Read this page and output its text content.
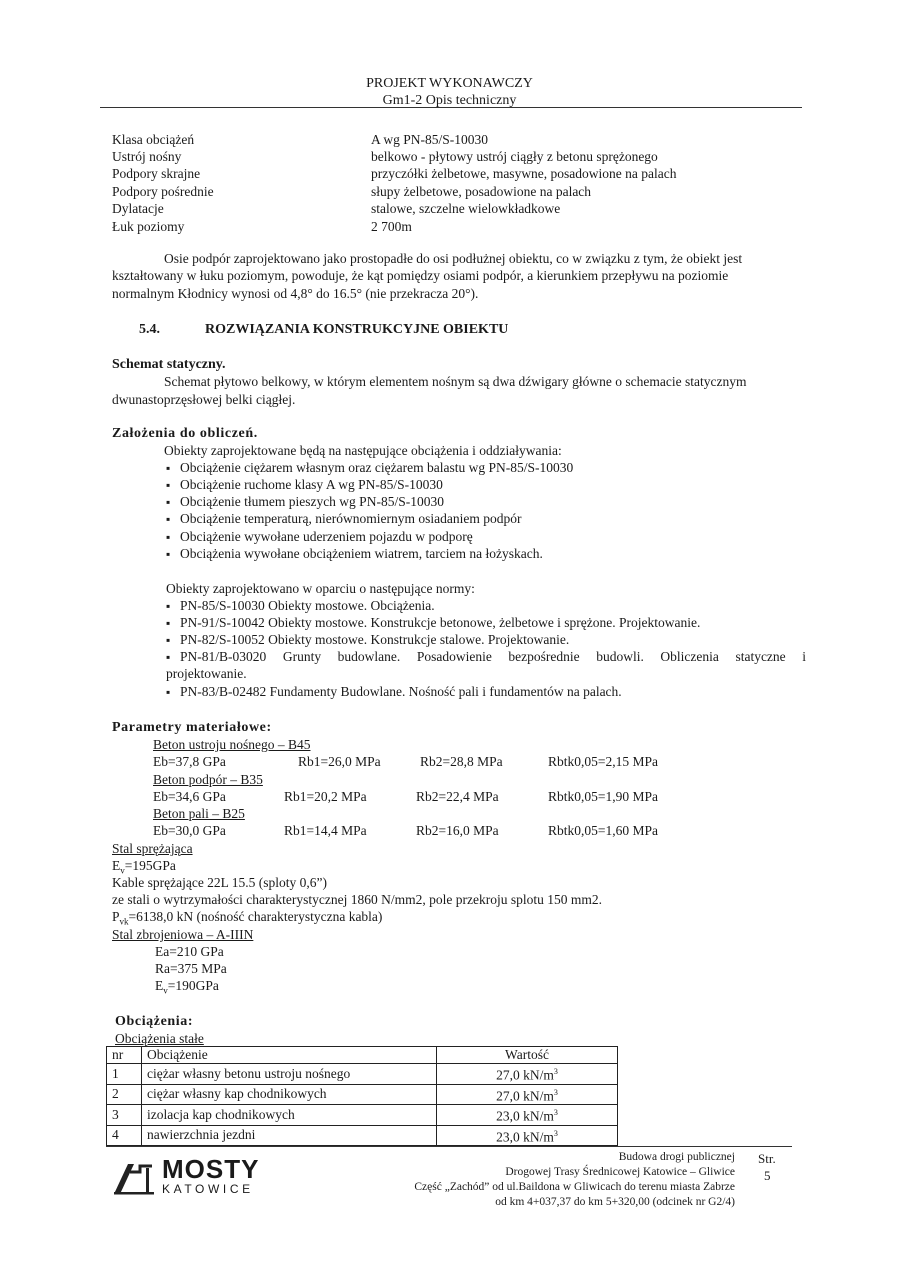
PROJEKT WYKONAWCZY
Gm1-2 Opis techniczny
Klasa obciążeń	A wg PN-85/S-10030
Ustrój nośny	belkowo - płytowy ustrój ciągły z betonu sprężonego
Podpory skrajne	przyczółki żelbetowe, masywne, posadowione na palach
Podpory pośrednie	słupy żelbetowe, posadowione na palach
Dylatacje	stalowe, szczelne wielowkładkowe
Łuk poziomy	2 700m
Osie podpór zaprojektowano jako prostopadłe do osi podłużnej obiektu, co w związku z tym, że obiekt jest
kształtowany w łuku poziomym, powoduje, że kąt pomiędzy osiami podpór, a kierunkiem przepływu na poziomie
normalnym Kłodnicy wynosi od 4,8° do 16.5° (nie przekracza 20°).
5.4.	ROZWIĄZANIA KONSTRUKCYJNE OBIEKTU
Schemat statyczny.
Schemat płytowo belkowy, w którym elementem nośnym są dwa dźwigary główne o schemacie statycznym
dwunastoprzęsłowej belki ciągłej.
Założenia do obliczeń.
Obiekty zaprojektowane będą na następujące obciążenia i oddziaływania:
▪ Obciążenie ciężarem własnym oraz ciężarem balastu wg PN-85/S-10030
▪ Obciążenie ruchome klasy A wg PN-85/S-10030
▪ Obciążenie tłumem pieszych wg PN-85/S-10030
▪ Obciążenie temperaturą, nierównomiernym osiadaniem podpór
▪ Obciążenie wywołane uderzeniem pojazdu w podporę
▪ Obciążenia wywołane obciążeniem wiatrem, tarciem na łożyskach.
Obiekty zaprojektowano w oparciu o następujące normy:
▪ PN-85/S-10030 Obiekty mostowe. Obciążenia.
▪ PN-91/S-10042 Obiekty mostowe. Konstrukcje betonowe, żelbetowe i sprężone. Projektowanie.
▪ PN-82/S-10052 Obiekty mostowe. Konstrukcje stalowe. Projektowanie.
▪ PN-81/B-03020 Grunty budowlane. Posadowienie bezpośrednie budowli. Obliczenia statyczne i
projektowanie.
▪ PN-83/B-02482 Fundamenty Budowlane. Nośność pali i fundamentów na palach.
Parametry materiałowe:
Beton ustroju nośnego – B45
Eb=37,8 GPa	Rb1=26,0 MPa	Rb2=28,8 MPa	Rbtk0,05=2,15 MPa
Beton podpór – B35
Eb=34,6 GPa	Rb1=20,2 MPa	Rb2=22,4 MPa	Rbtk0,05=1,90 MPa
Beton pali – B25
Eb=30,0 GPa	Rb1=14,4 MPa	Rb2=16,0 MPa	Rbtk0,05=1,60 MPa
Stal sprężająca
$E_v=195GPa$
Kable sprężające 22L 15.5 (sploty 0,6”)
ze stali o wytrzymałości charakterystycznej 1860 N/mm2, pole przekroju splotu 150 mm2.
$P_{vk}=6138,0$ kN (nośność charakterystyczna kabla)
Stal zbrojeniowa – A-IIIN
Ea=210 GPa
Ra=375 MPa
$E_v=190GPa$
Obciążenia:
Obciążenia stałe
nr	Obciążenie	Wartość
1	ciężar własny betonu ustroju nośnego	27,0 $kN/m^3$
2	ciężar własny kap chodnikowych	27,0 $kN/m^3$
3	izolacja kap chodnikowych	23,0 $kN/m^3$
4	nawierzchnia jezdni	23,0 $kN/m^3$
MOSTY
KATOWICE
Budowa drogi publicznej
Drogowej Trasy Średnicowej Katowice – Gliwice
Część „Zachód” od ul.Baildona w Gliwicach do terenu miasta Zabrze
od km 4+037,37 do km 5+320,00 (odcinek nr G2/4)
Str.
5
